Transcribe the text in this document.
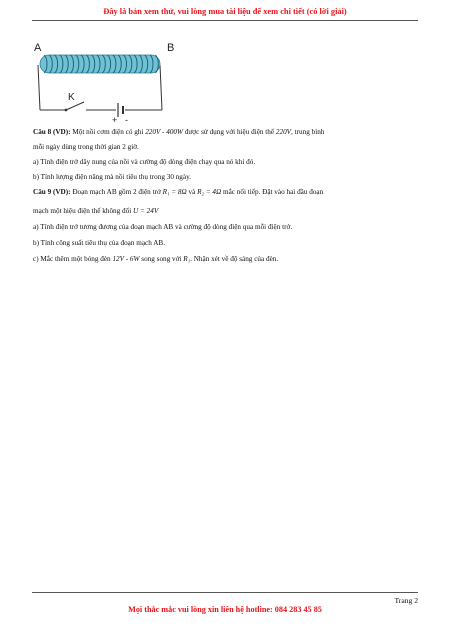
Đây là bản xem thử, vui lòng mua tài liệu để xem chi tiết (có lời giải)
A	B
K
+ -
Câu 8 (VD): Một nồi cơm điện có ghi 220V - 400W được sử dụng với hiệu điện thế 220V, trung bình
mỗi ngày dùng trong thời gian 2 giờ.
a) Tính điện trở dây nung của nồi và cường độ dòng điện chạy qua nó khi đó.
b) Tính lượng điện năng mà nồi tiêu thụ trong 30 ngày.
Câu 9 (VD): Đoạn mạch AB gồm 2 điện trở R₁ = 8Ω và R₂ = 4Ω mắc nối tiếp. Đặt vào hai đầu đoạn
mạch một hiệu điện thế không đổi U = 24V
a) Tính điện trở tương đương của đoạn mạch AB và cường độ dòng điện qua mỗi điện trở.
b) Tính công suất tiêu thụ của đoạn mạch AB.
c) Mắc thêm một bóng đèn 12V - 6W song song với R₁. Nhận xét về độ sáng của đèn.
Trang 2
Mọi thắc mắc vui lòng xin liên hệ hotline: 084 283 45 85
